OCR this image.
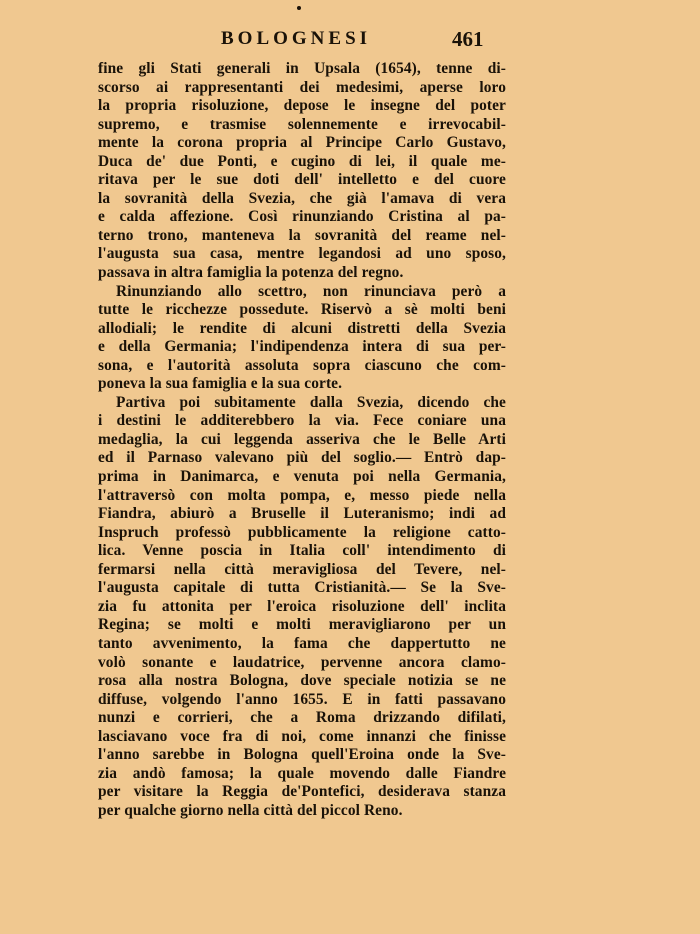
BOLOGNESI	461
fine gli Stati generali in Upsala (1654), tenne di-
scorso ai rappresentanti dei medesimi, aperse loro
la propria risoluzione, depose le insegne del poter
supremo, e trasmise solennemente e irrevocabil-
mente la corona propria al Principe Carlo Gustavo,
Duca de' due Ponti, e cugino di lei, il quale me-
ritava per le sue doti dell' intelletto e del cuore
la sovranità della Svezia, che già l'amava di vera
e calda affezione. Così rinunziando Cristina al pa-
terno trono, manteneva la sovranità del reame nel-
l'augusta sua casa, mentre legandosi ad uno sposo,
passava in altra famiglia la potenza del regno.
Rinunziando allo scettro, non rinunciava però a
tutte le ricchezze possedute. Riservò a sè molti beni
allodiali; le rendite di alcuni distretti della Svezia
e della Germania; l'indipendenza intera di sua per-
sona, e l'autorità assoluta sopra ciascuno che com-
poneva la sua famiglia e la sua corte.
Partiva poi subitamente dalla Svezia, dicendo che
i destini le additerebbero la via. Fece coniare una
medaglia, la cui leggenda asseriva che le Belle Arti
ed il Parnaso valevano più del soglio.— Entrò dap-
prima in Danimarca, e venuta poi nella Germania,
l'attraversò con molta pompa, e, messo piede nella
Fiandra, abiurò a Bruselle il Luteranismo; indi ad
Inspruch professò pubblicamente la religione catto-
lica. Venne poscia in Italia coll' intendimento di
fermarsi nella città meravigliosa del Tevere, nel-
l'augusta capitale di tutta Cristianità.— Se la Sve-
zia fu attonita per l'eroica risoluzione dell' inclita
Regina; se molti e molti meravigliarono per un
tanto avvenimento, la fama che dappertutto ne
volò sonante e laudatrice, pervenne ancora clamo-
rosa alla nostra Bologna, dove speciale notizia se ne
diffuse, volgendo l'anno 1655. E in fatti passavano
nunzi e corrieri, che a Roma drizzando difilati,
lasciavano voce fra di noi, come innanzi che finisse
l'anno sarebbe in Bologna quell'Eroina onde la Sve-
zia andò famosa; la quale movendo dalle Fiandre
per visitare la Reggia de'Pontefici, desiderava stanza
per qualche giorno nella città del piccol Reno.
